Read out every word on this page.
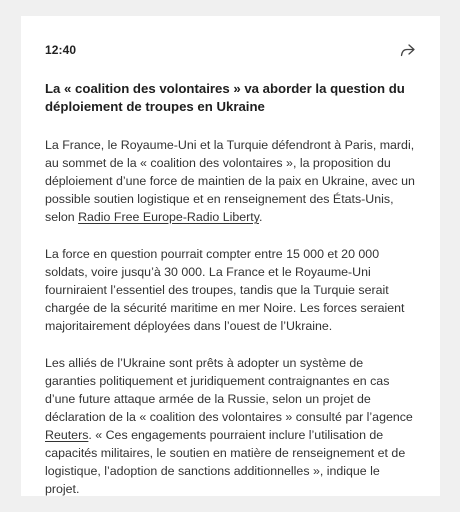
12:40
La « coalition des volontaires » va aborder la question du déploiement de troupes en Ukraine

La France, le Royaume-Uni et la Turquie défendront à Paris, mardi, au sommet de la « coalition des volontaires », la proposition du déploiement d’une force de maintien de la paix en Ukraine, avec un possible soutien logistique et en renseignement des États-Unis, selon Radio Free Europe-Radio Liberty.

La force en question pourrait compter entre 15 000 et 20 000 soldats, voire jusqu’à 30 000. La France et le Royaume-Uni fourniraient l’essentiel des troupes, tandis que la Turquie serait chargée de la sécurité maritime en mer Noire. Les forces seraient majoritairement déployées dans l’ouest de l’Ukraine.

Les alliés de l’Ukraine sont prêts à adopter un système de garanties politiquement et juridiquement contraignantes en cas d’une future attaque armée de la Russie, selon un projet de déclaration de la « coalition des volontaires » consulté par l’agence Reuters. « Ces engagements pourraient inclure l’utilisation de capacités militaires, le soutien en matière de renseignement et de logistique, l’adoption de sanctions additionnelles », indique le projet.
